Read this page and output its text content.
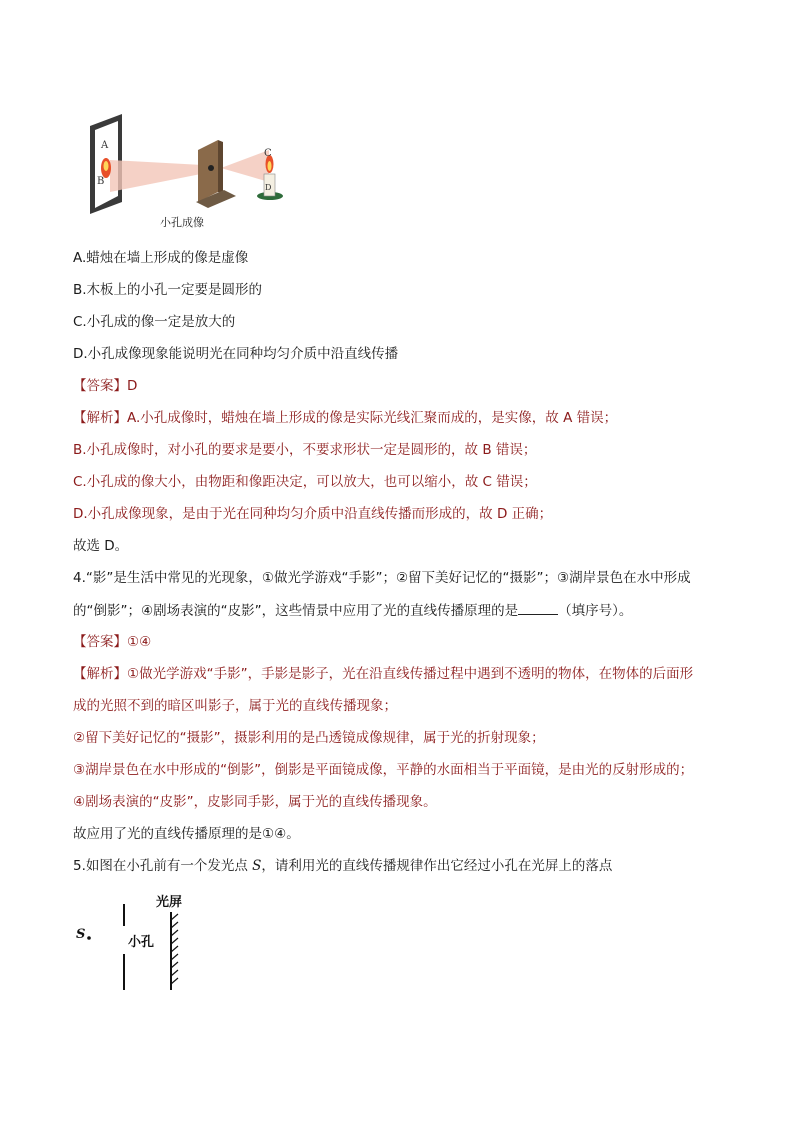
A
B
C
D
小孔成像
A.蜡烛在墙上形成的像是虚像
B.木板上的小孔一定要是圆形的
C.小孔成的像一定是放大的
D.小孔成像现象能说明光在同种均匀介质中沿直线传播
【答案】D
【解析】A.小孔成像时，蜡烛在墙上形成的像是实际光线汇聚而成的，是实像，故 A 错误；
B.小孔成像时，对小孔的要求是要小，不要求形状一定是圆形的，故 B 错误；
C.小孔成的像大小，由物距和像距决定，可以放大，也可以缩小，故 C 错误；
D.小孔成像现象，是由于光在同种均匀介质中沿直线传播而形成的，故 D 正确；
故选 D。
4.“影”是生活中常见的光现象，①做光学游戏“手影”；②留下美好记忆的“摄影”；③湖岸景色在水中形成
的“倒影”；④剧场表演的“皮影”，这些情景中应用了光的直线传播原理的是	（填序号）。
【答案】①④
【解析】①做光学游戏“手影”，手影是影子，光在沿直线传播过程中遇到不透明的物体，在物体的后面形
成的光照不到的暗区叫影子，属于光的直线传播现象；
②留下美好记忆的“摄影”，摄影利用的是凸透镜成像规律，属于光的折射现象；
③湖岸景色在水中形成的“倒影”，倒影是平面镜成像，平静的水面相当于平面镜，是由光的反射形成的；
④剧场表演的“皮影”，皮影同手影，属于光的直线传播现象。
故应用了光的直线传播原理的是①④。
5.如图在小孔前有一个发光点 S，请利用光的直线传播规律作出它经过小孔在光屏上的落点
S
小孔
光屏
